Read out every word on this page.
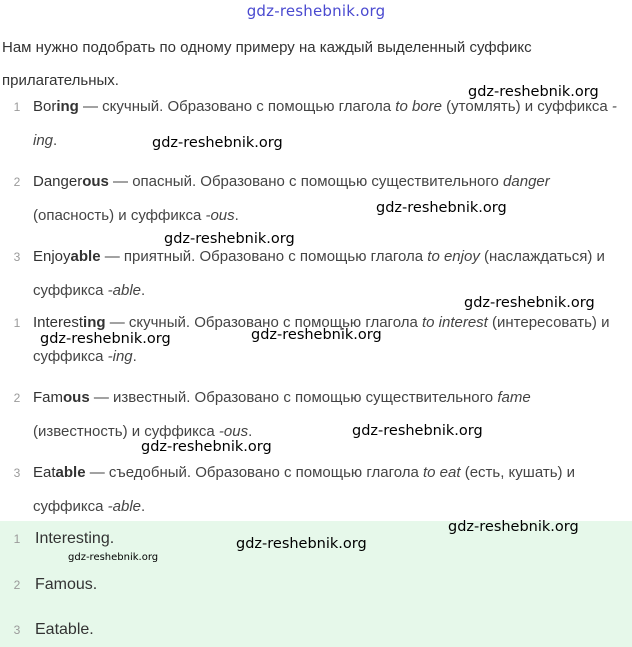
gdz-reshebnik.org
Нам нужно подобрать по одному примеру на каждый выделенный суффикс прилагательных.
1 Boring — скучный. Образовано с помощью глагола to bore (утомлять) и суффикса -ing.
2 Dangerous — опасный. Образовано с помощью существительного danger (опасность) и суффикса -ous.
3 Enjoyable — приятный. Образовано с помощью глагола to enjoy (наслаждаться) и суффикса -able.
1 Interesting — скучный. Образовано с помощью глагола to interest (интересовать) и суффикса -ing.
2 Famous — известный. Образовано с помощью существительного fame (известность) и суффикса -ous.
3 Eatable — съедобный. Образовано с помощью глагола to eat (есть, кушать) и суффикса -able.
1 Interesting.
2 Famous.
3 Eatable.
gdz-reshebnik.org
gdz-reshebnik.org
gdz-reshebnik.org
gdz-reshebnik.org
gdz-reshebnik.org
gdz-reshebnik.org
gdz-reshebnik.org
gdz-reshebnik.org
gdz-reshebnik.org
gdz-reshebnik.org
gdz-reshebnik.org
gdz-reshebnik.org
